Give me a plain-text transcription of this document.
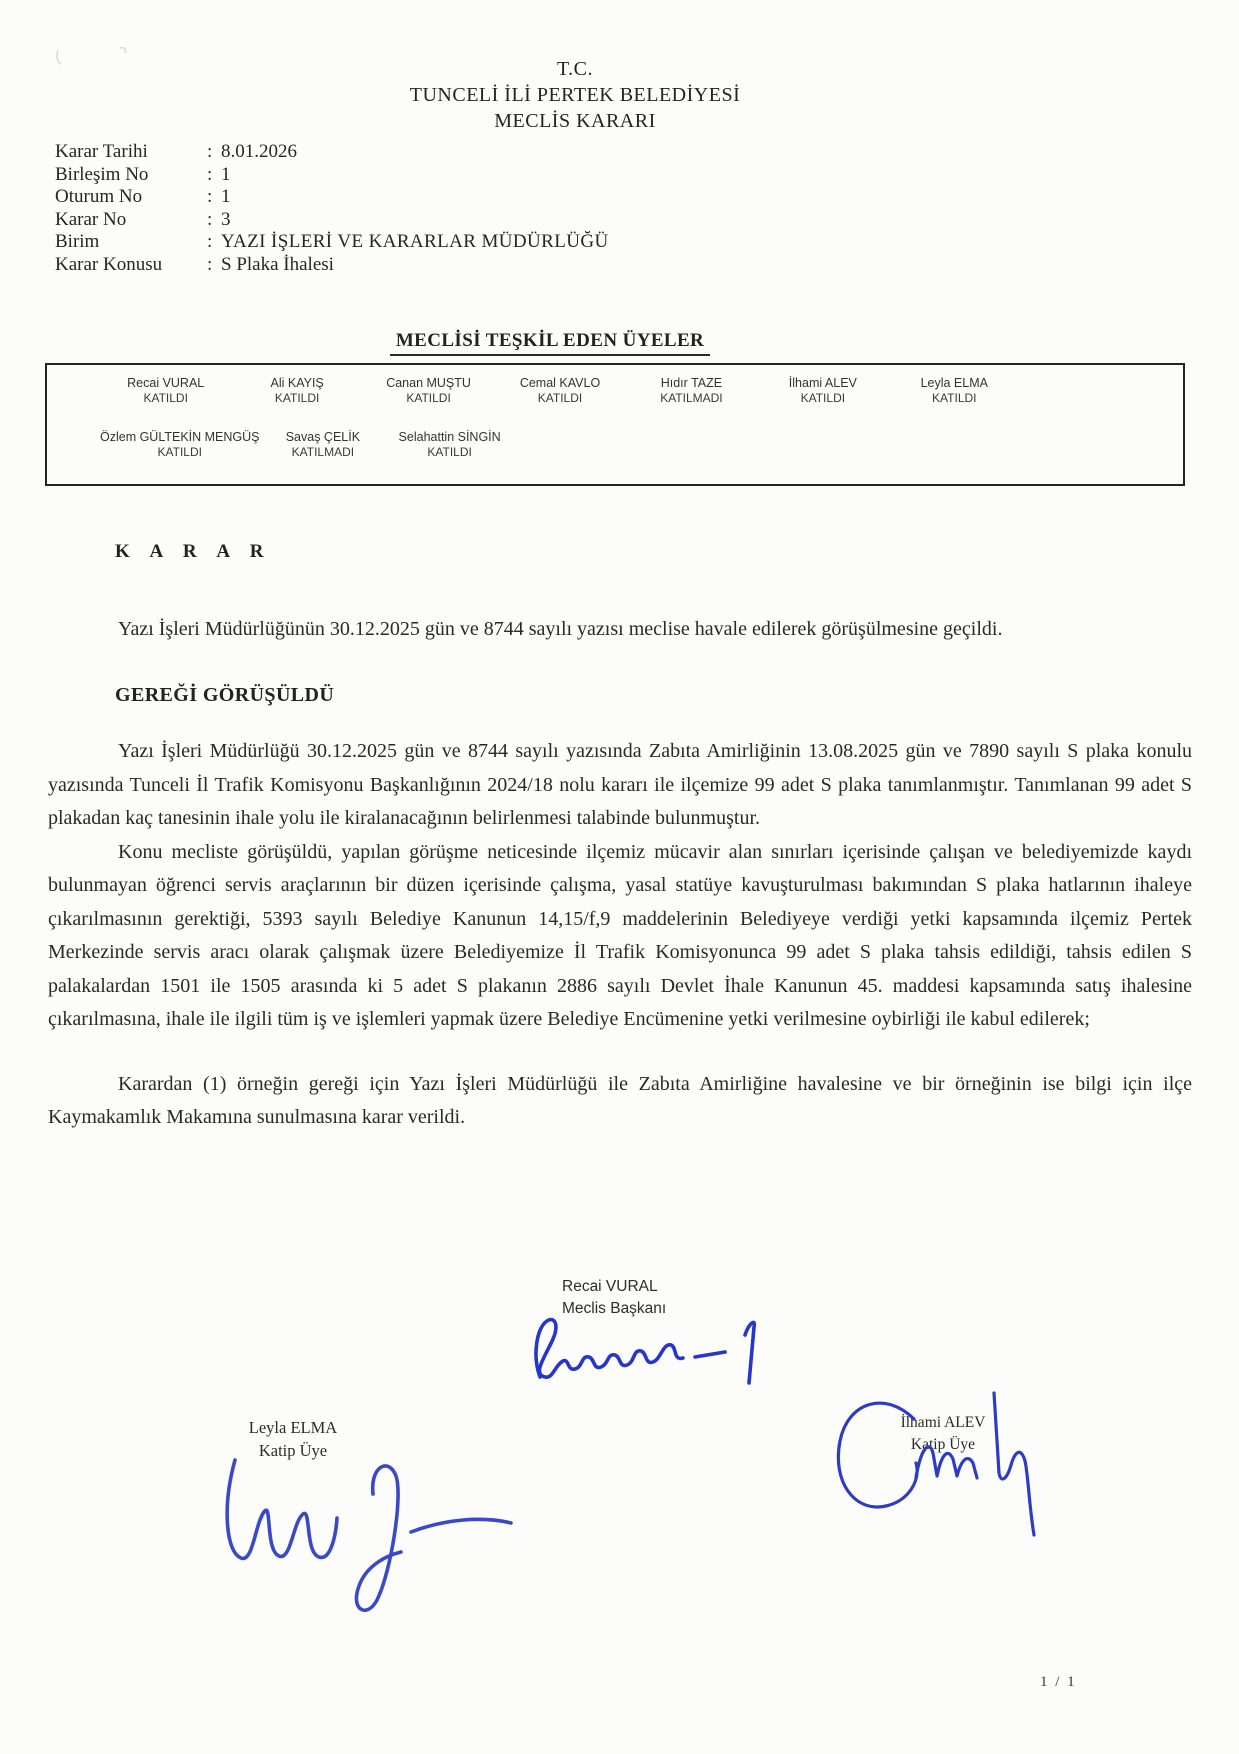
T.C.
TUNCELİ İLİ PERTEK BELEDİYESİ
MECLİS KARARI
Karar Tarihi	: 8.01.2026
Birleşim No	: 1
Oturum No	: 1
Karar No	: 3
Birim	: YAZI İŞLERİ VE KARARLAR MÜDÜRLÜĞÜ
Karar Konusu	: S Plaka İhalesi
MECLİSİ TEŞKİL EDEN ÜYELER
Recai VURAL
KATILDI
Ali KAYIŞ
KATILDI
Canan MUŞTU
KATILDI
Cemal KAVLO
KATILDI
Hıdır TAZE
KATILMADI
İlhami ALEV
KATILDI
Leyla ELMA
KATILDI
Özlem GÜLTEKİN MENGÜŞ
KATILDI
Savaş ÇELİK
KATILMADI
Selahattin SİNGİN
KATILDI
K A R A R

Yazı İşleri Müdürlüğünün 30.12.2025 gün ve 8744 sayılı yazısı meclise havale edilerek görüşülmesine geçildi.

GEREĞİ GÖRÜŞÜLDÜ

Yazı İşleri Müdürlüğü 30.12.2025 gün ve 8744 sayılı yazısında Zabıta Amirliğinin 13.08.2025 gün ve 7890 sayılı S plaka konulu yazısında Tunceli İl Trafik Komisyonu Başkanlığının 2024/18 nolu kararı ile ilçemize 99 adet S plaka tanımlanmıştır. Tanımlanan 99 adet S plakadan kaç tanesinin ihale yolu ile kiralanacağının belirlenmesi talabinde bulunmuştur.

Konu mecliste görüşüldü, yapılan görüşme neticesinde ilçemiz mücavir alan sınırları içerisinde çalışan ve belediyemizde kaydı bulunmayan öğrenci servis araçlarının bir düzen içerisinde çalışma, yasal statüye kavuşturulması bakımından S plaka hatlarının ihaleye çıkarılmasının gerektiği, 5393 sayılı Belediye Kanunun 14,15/f,9 maddelerinin Belediyeye verdiği yetki kapsamında ilçemiz Pertek Merkezinde servis aracı olarak çalışmak üzere Belediyemize İl Trafik Komisyonunca 99 adet S plaka tahsis edildiği, tahsis edilen S palakalardan 1501 ile 1505 arasında ki 5 adet S plakanın 2886 sayılı Devlet İhale Kanunun 45. maddesi kapsamında satış ihalesine çıkarılmasına, ihale ile ilgili tüm iş ve işlemleri yapmak üzere Belediye Encümenine yetki verilmesine oybirliği ile kabul edilerek;

Karardan (1) örneğin gereği için Yazı İşleri Müdürlüğü ile Zabıta Amirliğine havalesine ve bir örneğinin ise bilgi için ilçe Kaymakamlık Makamına sunulmasına karar verildi.

Recai VURAL
Meclis Başkanı
Leyla ELMA
Katip Üye
İlhami ALEV
Katip Üye
1 / 1
